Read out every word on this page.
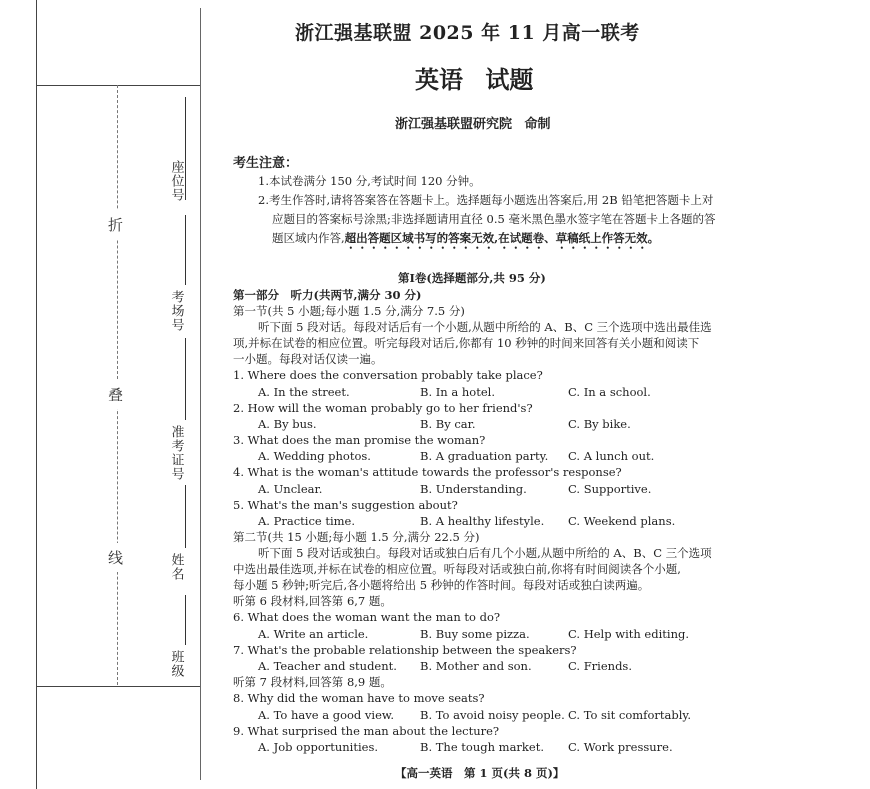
折
叠
线
座位号
考场号
准考证号
姓名
班级
浙江强基联盟 2025 年 11 月高一联考
英语 试题
浙江强基联盟研究院 命制
考生注意：
1.本试卷满分 150 分,考试时间 120 分钟。
2.考生作答时,请将答案答在答题卡上。选择题每小题选出答案后,用 2B 铅笔把答题卡上对
应题目的答案标号涂黑;非选择题请用直径 0.5 毫米黑色墨水签字笔在答题卡上各题的答
题区域内作答,超出答题区域书写的答案无效,在试题卷、草稿纸上作答无效。
第Ⅰ卷(选择题部分,共 95 分)
第一部分　听力(共两节,满分 30 分)
第一节(共 5 小题;每小题 1.5 分,满分 7.5 分)
听下面 5 段对话。每段对话后有一个小题,从题中所给的 A、B、C 三个选项中选出最佳选
项,并标在试卷的相应位置。听完每段对话后,你都有 10 秒钟的时间来回答有关小题和阅读下
一小题。每段对话仅读一遍。
1. Where does the conversation probably take place?
A. In the street.	B. In a hotel.	C. In a school.
2. How will the woman probably go to her friend's?
A. By bus.	B. By car.	C. By bike.
3. What does the man promise the woman?
A. Wedding photos.	B. A graduation party. C. A lunch out.
4. What is the woman's attitude towards the professor's response?
A. Unclear.	B. Understanding.	C. Supportive.
5. What's the man's suggestion about?
A. Practice time.	B. A healthy lifestyle. C. Weekend plans.
第二节(共 15 小题;每小题 1.5 分,满分 22.5 分)
听下面 5 段对话或独白。每段对话或独白后有几个小题,从题中所给的 A、B、C 三个选项
中选出最佳选项,并标在试卷的相应位置。听每段对话或独白前,你将有时间阅读各个小题,
每小题 5 秒钟;听完后,各小题将给出 5 秒钟的作答时间。每段对话或独白读两遍。
听第 6 段材料,回答第 6,7 题。
6. What does the woman want the man to do?
A. Write an article.	B. Buy some pizza.	C. Help with editing.
7. What's the probable relationship between the speakers?
A. Teacher and student. B. Mother and son.	C. Friends.
听第 7 段材料,回答第 8,9 题。
8. Why did the woman have to move seats?
A. To have a good view. B. To avoid noisy people. C. To sit comfortably.
9. What surprised the man about the lecture?
A. Job opportunities.	B. The tough market. C. Work pressure.
【高一英语　第 1 页(共 8 页)】
